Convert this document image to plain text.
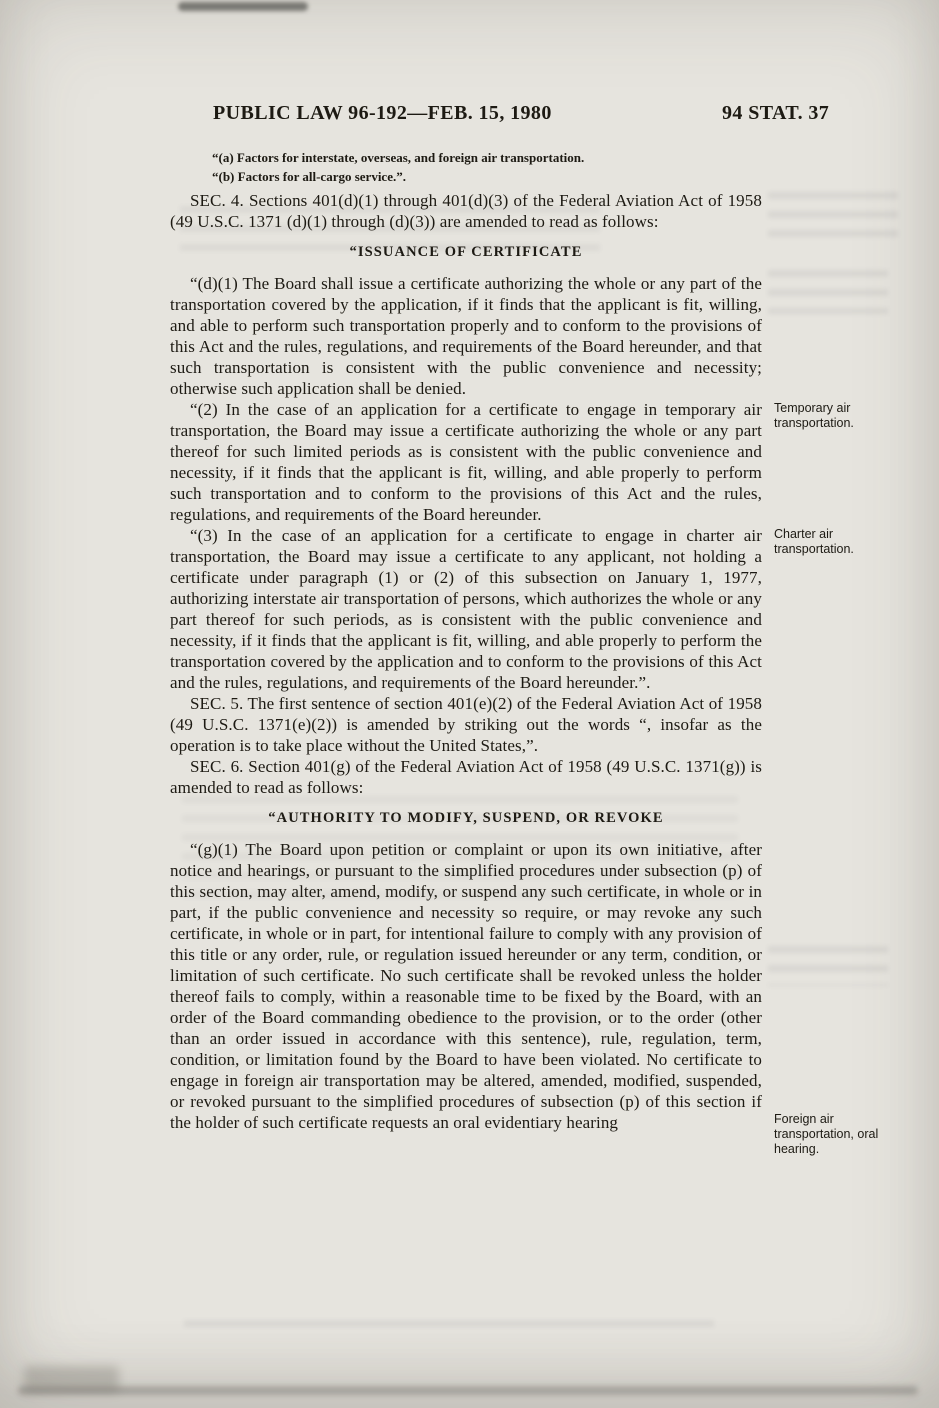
PUBLIC LAW 96-192—FEB. 15, 1980	94 STAT. 37
“(a) Factors for interstate, overseas, and foreign air transportation.
“(b) Factors for all-cargo service.”.
SEC. 4. Sections 401(d)(1) through 401(d)(3) of the Federal Aviation Act of 1958 (49 U.S.C. 1371 (d)(1) through (d)(3)) are amended to read as follows:
“ISSUANCE OF CERTIFICATE
“(d)(1) The Board shall issue a certificate authorizing the whole or any part of the transportation covered by the application, if it finds that the applicant is fit, willing, and able to perform such transportation properly and to conform to the provisions of this Act and the rules, regulations, and requirements of the Board hereunder, and that such transportation is consistent with the public convenience and necessity; otherwise such application shall be denied.
“(2) In the case of an application for a certificate to engage in temporary air transportation, the Board may issue a certificate authorizing the whole or any part thereof for such limited periods as is consistent with the public convenience and necessity, if it finds that the applicant is fit, willing, and able properly to perform such transportation and to conform to the provisions of this Act and the rules, regulations, and requirements of the Board hereunder.
Temporary air transportation.
“(3) In the case of an application for a certificate to engage in charter air transportation, the Board may issue a certificate to any applicant, not holding a certificate under paragraph (1) or (2) of this subsection on January 1, 1977, authorizing interstate air transportation of persons, which authorizes the whole or any part thereof for such periods, as is consistent with the public convenience and necessity, if it finds that the applicant is fit, willing, and able properly to perform the transportation covered by the application and to conform to the provisions of this Act and the rules, regulations, and requirements of the Board hereunder.”.
Charter air transportation.
SEC. 5. The first sentence of section 401(e)(2) of the Federal Aviation Act of 1958 (49 U.S.C. 1371(e)(2)) is amended by striking out the words “, insofar as the operation is to take place without the United States,”.
SEC. 6. Section 401(g) of the Federal Aviation Act of 1958 (49 U.S.C. 1371(g)) is amended to read as follows:
“AUTHORITY TO MODIFY, SUSPEND, OR REVOKE
“(g)(1) The Board upon petition or complaint or upon its own initiative, after notice and hearings, or pursuant to the simplified procedures under subsection (p) of this section, may alter, amend, modify, or suspend any such certificate, in whole or in part, if the public convenience and necessity so require, or may revoke any such certificate, in whole or in part, for intentional failure to comply with any provision of this title or any order, rule, or regulation issued hereunder or any term, condition, or limitation of such certificate. No such certificate shall be revoked unless the holder thereof fails to comply, within a reasonable time to be fixed by the Board, with an order of the Board commanding obedience to the provision, or to the order (other than an order issued in accordance with this sentence), rule, regulation, term, condition, or limitation found by the Board to have been violated. No certificate to engage in foreign air transportation may be altered, amended, modified, suspended, or revoked pursuant to the simplified procedures of subsection (p) of this section if the holder of such certificate requests an oral evidentiary hearing	Foreign air transportation, oral hearing.
